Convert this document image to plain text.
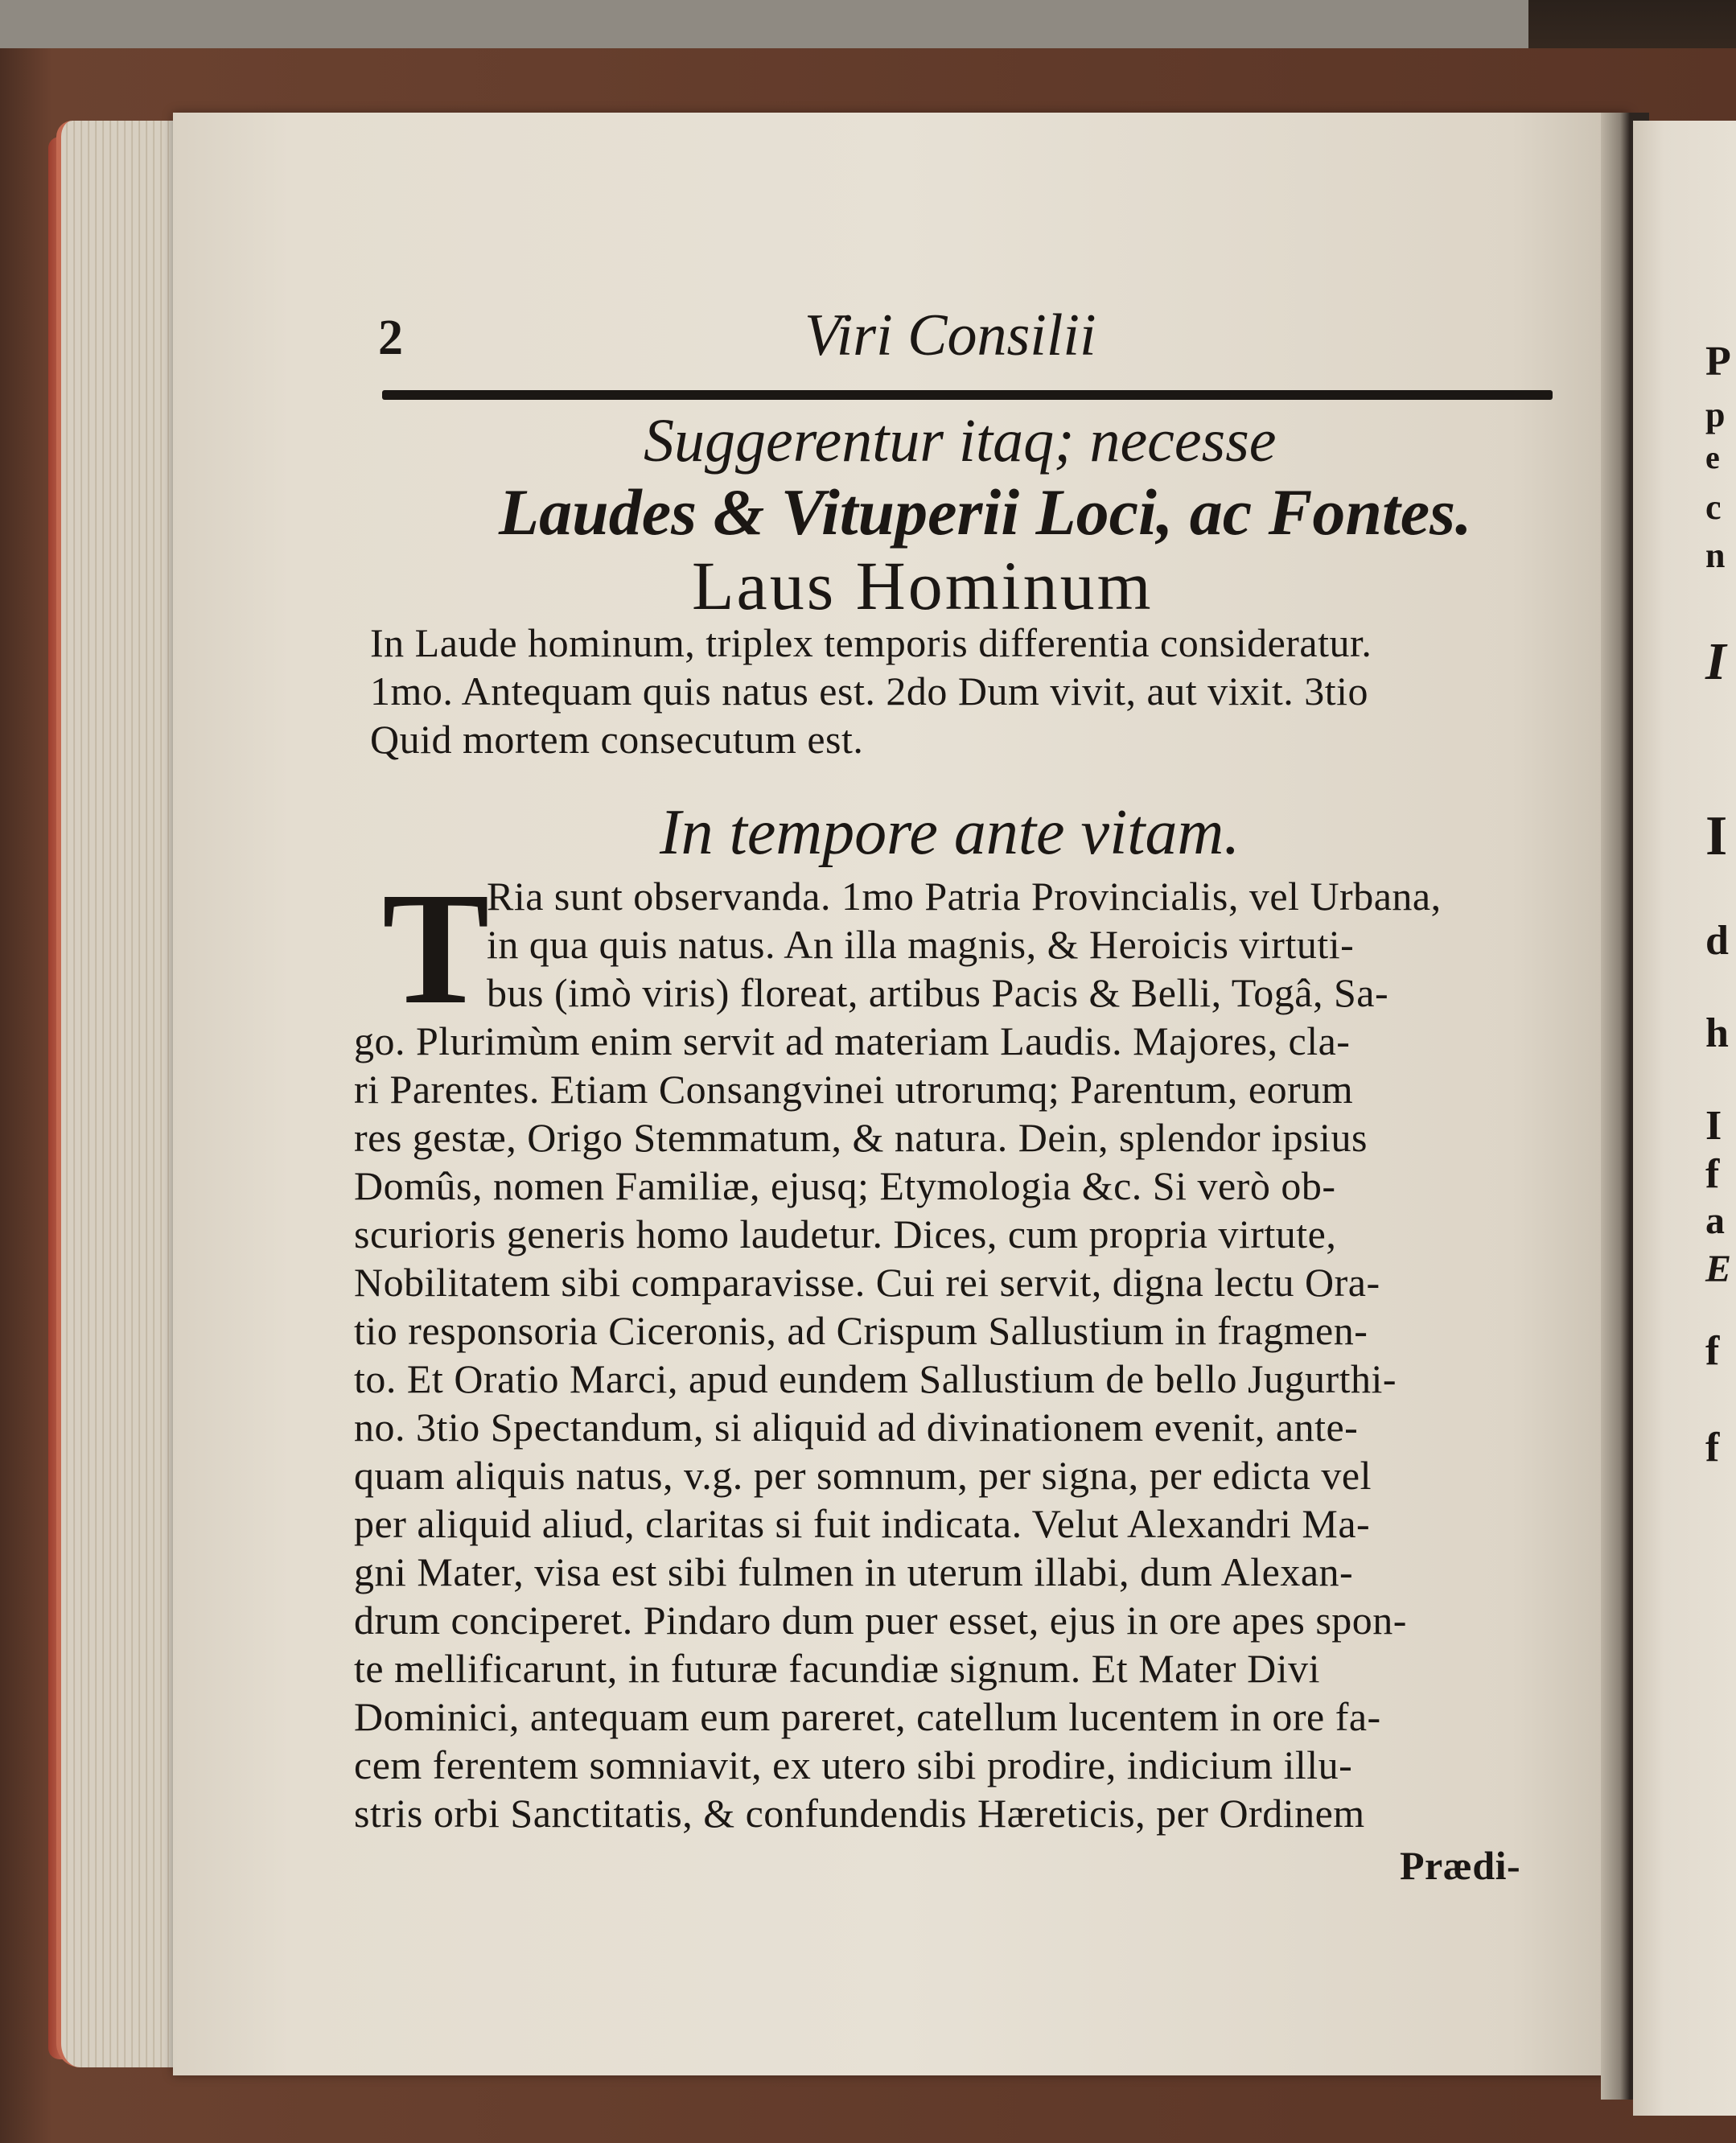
P
p
e
c
n
I
I
d
h
I
f
a
E
f
f
2	Viri Consilii
Suggerentur itaq; necesse
Laudes & Vituperii Loci, ac Fontes.
Laus Hominum
In Laude hominum, triplex temporis differentia consideratur.
1mo. Antequam quis natus est. 2do Dum vivit, aut vixit. 3tio
Quid mortem consecutum est.
In tempore ante vitam.
T
Ria sunt observanda. 1mo Patria Provincialis, vel Urbana,
in qua quis natus. An illa magnis, & Heroicis virtuti-
bus (imò viris) floreat, artibus Pacis & Belli, Togâ, Sa-
go. Plurimùm enim servit ad materiam Laudis. Majores, cla-
ri Parentes. Etiam Consangvinei utrorumq; Parentum, eorum
res gestæ, Origo Stemmatum, & natura. Dein, splendor ipsius
Domûs, nomen Familiæ, ejusq; Etymologia &c. Si verò ob-
scurioris generis homo laudetur. Dices, cum propria virtute,
Nobilitatem sibi comparavisse. Cui rei servit, digna lectu Ora-
tio responsoria Ciceronis, ad Crispum Sallustium in fragmen-
to. Et Oratio Marci, apud eundem Sallustium de bello Jugurthi-
no. 3tio Spectandum, si aliquid ad divinationem evenit, ante-
quam aliquis natus, v.g. per somnum, per signa, per edicta vel
per aliquid aliud, claritas si fuit indicata. Velut Alexandri Ma-
gni Mater, visa est sibi fulmen in uterum illabi, dum Alexan-
drum conciperet. Pindaro dum puer esset, ejus in ore apes spon-
te mellificarunt, in futuræ facundiæ signum. Et Mater Divi
Dominici, antequam eum pareret, catellum lucentem in ore fa-
cem ferentem somniavit, ex utero sibi prodire, indicium illu-
stris orbi Sanctitatis, & confundendis Hæreticis, per Ordinem
Prædi-
